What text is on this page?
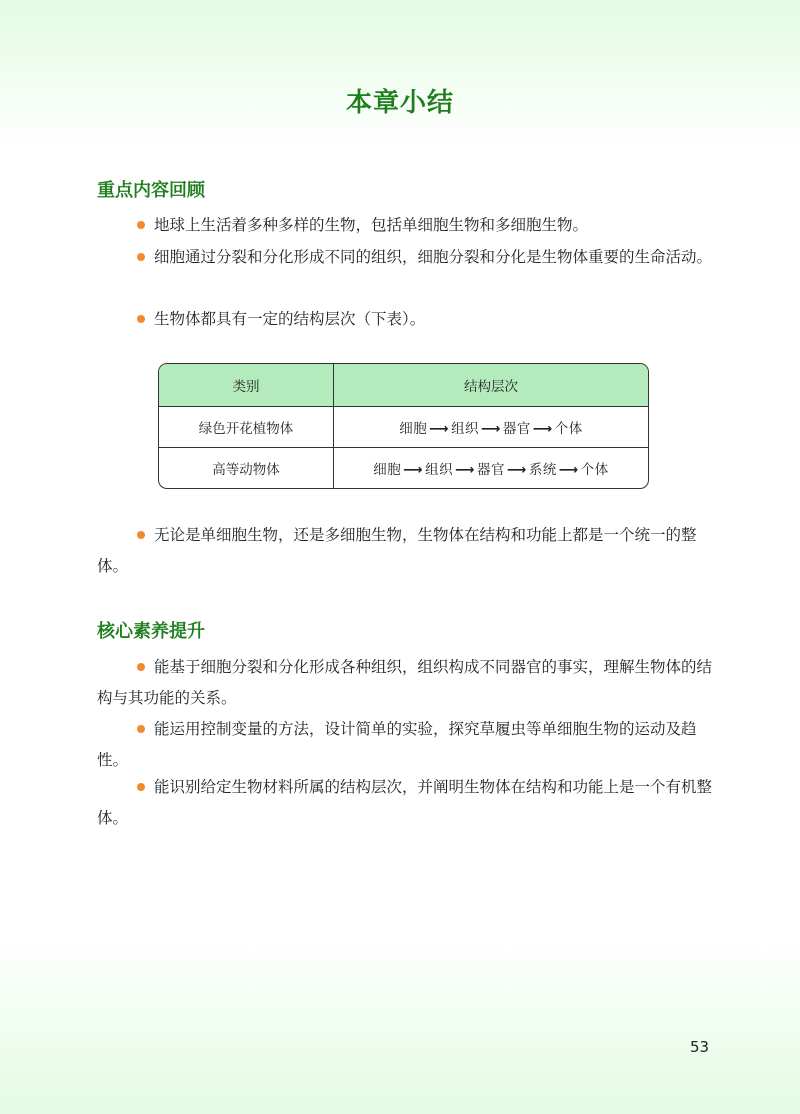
本章小结
重点内容回顾

地球上生活着多种多样的生物，包括单细胞生物和多细胞生物。

细胞通过分裂和分化形成不同的组织，细胞分裂和分化是生物体重要的生命活动。

生物体都具有一定的结构层次（下表）。

类别	结构层次
绿色开花植物体	细胞 ⟶ 组织 ⟶ 器官 ⟶ 个体
高等动物体	细胞 ⟶ 组织 ⟶ 器官 ⟶ 系统 ⟶ 个体

无论是单细胞生物，还是多细胞生物，生物体在结构和功能上都是一个统一的整体。

核心素养提升

能基于细胞分裂和分化形成各种组织，组织构成不同器官的事实，理解生物体的结构与其功能的关系。

能运用控制变量的方法，设计简单的实验，探究草履虫等单细胞生物的运动及趋性。

能识别给定生物材料所属的结构层次，并阐明生物体在结构和功能上是一个有机整体。

53
